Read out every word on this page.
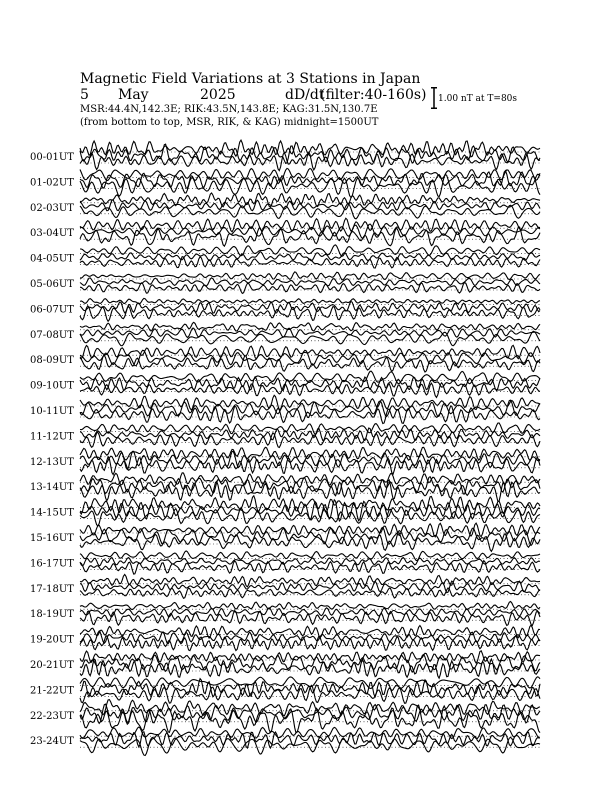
Magnetic Field Variations at 3 Stations in Japan
5 May	2025	dD/dt
(filter:40-160s)
MSR:44.4N,142.3E; RIK:43.5N,143.8E; KAG:31.5N,130.7E
(from bottom to top, MSR, RIK, & KAG) midnight=1500UT
1.00 nT at T=80s
00-01UT
01-02UT
02-03UT
03-04UT
04-05UT
05-06UT
06-07UT
07-08UT
08-09UT
09-10UT
10-11UT
11-12UT
12-13UT
13-14UT
14-15UT
15-16UT
16-17UT
17-18UT
18-19UT
19-20UT
20-21UT
21-22UT
22-23UT
23-24UT
